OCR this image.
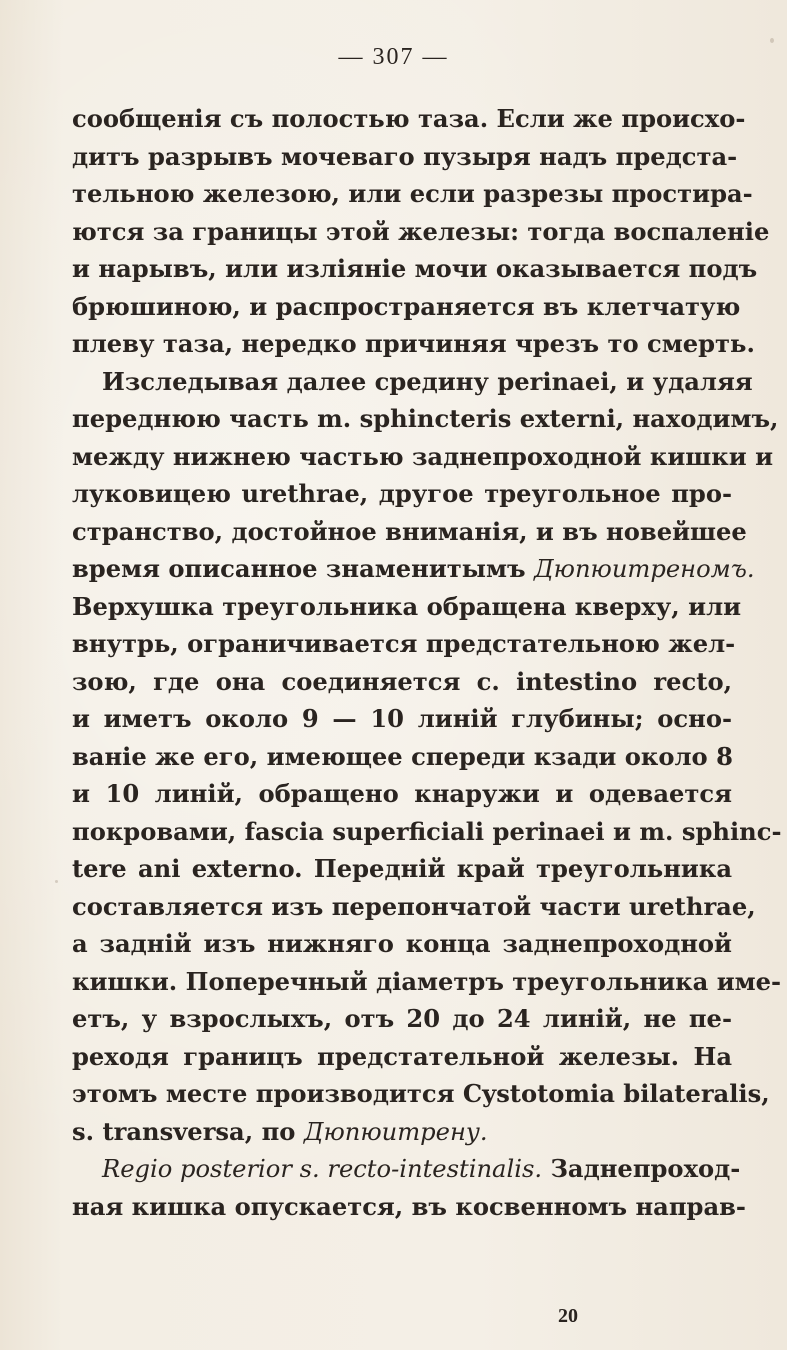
— 307 —
сообщенія съ полостью таза. Если же происхо-
дитъ разрывъ мочеваго пузыря надъ предста-
тельною железою, или если разрезы простира-
ются за границы этой железы: тогда воспаленіе
и нарывъ, или изліяніе мочи оказывается подъ
брюшиною, и распространяется въ клетчатую
плеву таза, нередко причиняя чрезъ то смерть.
Изследывая далее средину perinaei, и удаляя
переднюю часть m. sphincteris externi, находимъ,
между нижнею частью заднепроходной кишки и
луковицею urethrae, другое треугольное про-
странство, достойное вниманія, и въ новейшее
время описанное знаменитымъ Дюпюитреномъ.
Верхушка треугольника обращена кверху, или
внутрь, ограничивается предстательною жел-
зою, где она соединяется с. intestino recto,
и иметъ около 9 — 10 линій глубины; осно-
ваніе же его, имеющее спереди кзади около 8
и 10 линій, обращено кнаружи и одевается
покровами, fascia superficiali perinaei и m. sphinc-
tere ani externo. Передній край треугольника
составляется изъ перепончатой части urethrae,
а задній изъ нижняго конца заднепроходной
кишки. Поперечный діаметръ треугольника име-
етъ, у взрослыхъ, отъ 20 до 24 линій, не пе-
реходя границъ предстательной железы. На
этомъ месте производится Cystotomia bilateralis,
s. transversa, по Дюпюитрену.
Regio posterior s. recto-intestinalis. Заднепроход-
ная кишка опускается, въ косвенномъ направ-
20
